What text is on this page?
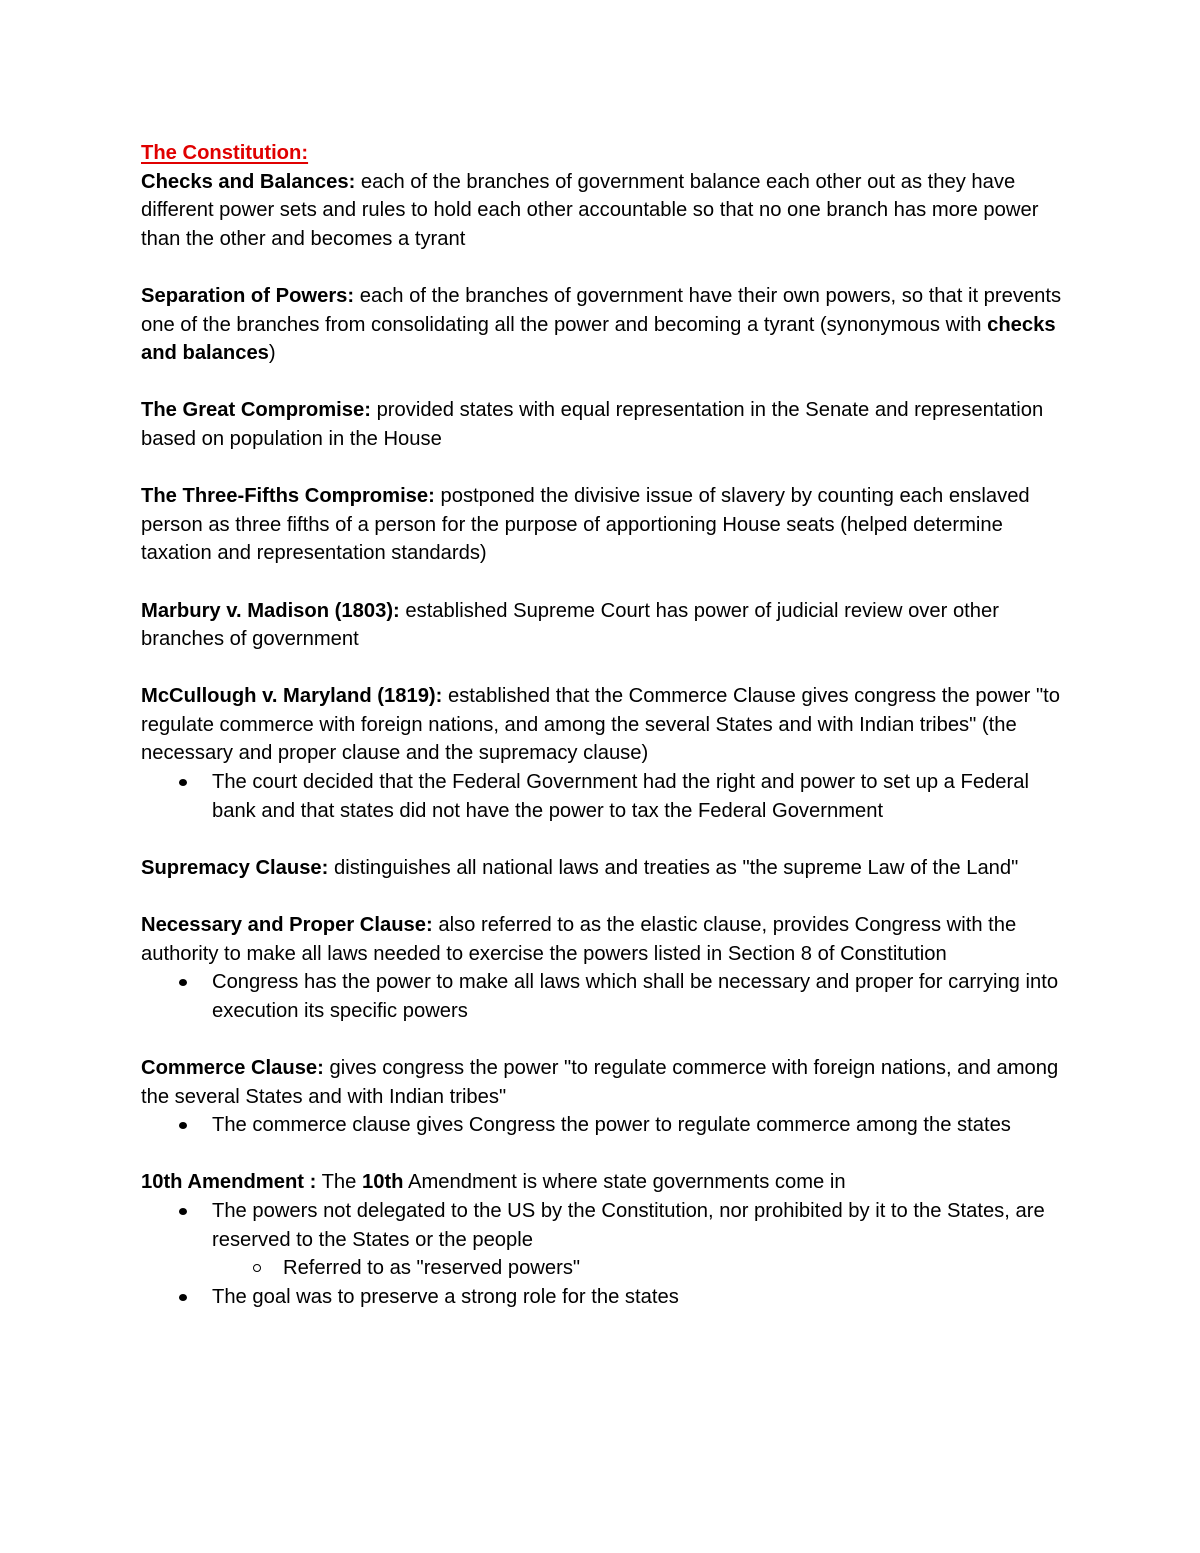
The Constitution:
Checks and Balances: each of the branches of government balance each other out as they have different power sets and rules to hold each other accountable so that no one branch has more power than the other and becomes a tyrant
Separation of Powers: each of the branches of government have their own powers, so that it prevents one of the branches from consolidating all the power and becoming a tyrant (synonymous with checks and balances)
The Great Compromise: provided states with equal representation in the Senate and representation based on population in the House
The Three-Fifths Compromise: postponed the divisive issue of slavery by counting each enslaved person as three fifths of a person for the purpose of apportioning House seats (helped determine taxation and representation standards)
Marbury v. Madison (1803): established Supreme Court has power of judicial review over other branches of government
McCullough v. Maryland (1819): established that the Commerce Clause gives congress the power "to regulate commerce with foreign nations, and among the several States and with Indian tribes" (the necessary and proper clause and the supremacy clause)
The court decided that the Federal Government had the right and power to set up a Federal bank and that states did not have the power to tax the Federal Government
Supremacy Clause: distinguishes all national laws and treaties as "the supreme Law of the Land"
Necessary and Proper Clause: also referred to as the elastic clause, provides Congress with the authority to make all laws needed to exercise the powers listed in Section 8 of Constitution
Congress has the power to make all laws which shall be necessary and proper for carrying into execution its specific powers
Commerce Clause: gives congress the power "to regulate commerce with foreign nations, and among the several States and with Indian tribes"
The commerce clause gives Congress the power to regulate commerce among the states
10th Amendment : The 10th Amendment is where state governments come in
The powers not delegated to the US by the Constitution, nor prohibited by it to the States, are reserved to the States or the people
Referred to as "reserved powers"
The goal was to preserve a strong role for the states
